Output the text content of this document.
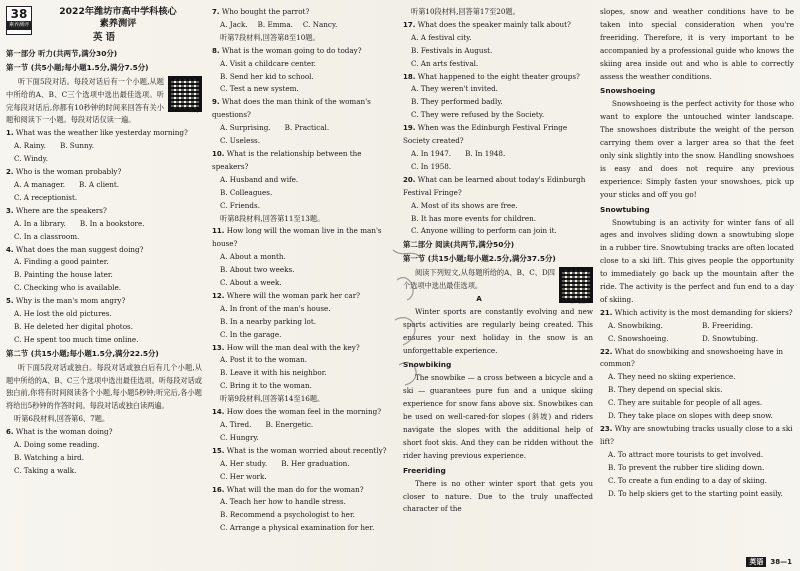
38
素养测评
2022年潍坊市高中学科核心
素养测评
英 语
第一部分 听力(共两节,满分30分)
第一节 (共5小题;每小题1.5分,满分7.5分)
听力

听下面5段对话。每段对话后有一个小题,从题中所给的A、B、C三个选项中选出最佳选项。听完每段对话后,你都有10秒钟的时间来回答有关小题和阅读下一小题。每段对话仅读一遍。

1. What was the weather like yesterday morning?

A. Rainy. B. Sunny.

C. Windy.

2. Who is the woman probably?

A. A manager. B. A client.

C. A receptionist.

3. Where are the speakers?

A. In a library. B. In a bookstore.

C. In a classroom.

4. What does the man suggest doing?

A. Finding a good painter.

B. Painting the house later.

C. Checking who is available.

5. Why is the man's mom angry?

A. He lost the old pictures.

B. He deleted her digital photos.

C. He spent too much time online.

第二节 (共15小题;每小题1.5分,满分22.5分)

听下面5段对话或独白。每段对话或独白后有几个小题,从题中所给的A、B、C三个选项中选出最佳选项。听每段对话或独白前,你将有时间阅读各个小题,每小题5秒钟;听完后,各小题将给出5秒钟的作答时间。每段对话或独白读两遍。

听第6段材料,回答第6、7题。

6. What is the woman doing?

A. Doing some reading.

B. Watching a bird.

C. Taking a walk.

7. Who bought the parrot?

A. Jack. B. Emma. C. Nancy.

听第7段材料,回答第8至10题。

8. What is the woman going to do today?

A. Visit a childcare center.

B. Send her kid to school.

C. Test a new system.

9. What does the man think of the woman's questions?

A. Surprising. B. Practical.

C. Useless.

10. What is the relationship between the speakers?

A. Husband and wife.

B. Colleagues.

C. Friends.

听第8段材料,回答第11至13题。

11. How long will the woman live in the man's house?

A. About a month.

B. About two weeks.

C. About a week.

12. Where will the woman park her car?

A. In front of the man's house.

B. In a nearby parking lot.

C. In the garage.

13. How will the man deal with the key?

A. Post it to the woman.

B. Leave it with his neighbor.

C. Bring it to the woman.

听第9段材料,回答第14至16题。

14. How does the woman feel in the morning?

A. Tired. B. Energetic.

C. Hungry.

15. What is the woman worried about recently?

A. Her study. B. Her graduation.

C. Her work.

16. What will the man do for the woman?

A. Teach her how to handle stress.

B. Recommend a psychologist to her.

C. Arrange a physical examination for her.

听第10段材料,回答第17至20题。

17. What does the speaker mainly talk about?

A. A festival city.

B. Festivals in August.

C. An arts festival.

18. What happened to the eight theater groups?

A. They weren't invited.

B. They performed badly.

C. They were refused by the Society.

19. When was the Edinburgh Festival Fringe Society created?

A. In 1947. B. In 1948.

C. In 1958.

20. What can be learned about today's Edinburgh Festival Fringe?

A. Most of its shows are free.

B. It has more events for children.

C. Anyone willing to perform can join it.

第二部分 阅读(共两节,满分50分)
第一节 (共15小题;每小题2.5分,满分37.5分)
全文翻译

阅读下列短文,从每题所给的A、B、C、D四个选项中选出最佳选项。

A

Winter sports are constantly evolving and new sports activities are regularly being created. This ensures your next holiday in the snow is an unforgettable experience.

Snowbiking

The snowbike — a cross between a bicycle and a ski — guarantees pure fun and a unique skiing experience for snow fans above six. Snowbikes can be used on well-cared-for slopes (斜坡) and riders navigate the slopes with the additional help of short foot skis. And they can be ridden without the rider having previous experience.

Freeriding

There is no other winter sport that gets you closer to nature. Due to the truly unaffected character of the

slopes, snow and weather conditions have to be taken into special consideration when you're freeriding. Therefore, it is very important to be accompanied by a professional guide who knows the skiing area inside out and who is able to correctly assess the weather conditions.

Snowshoeing

Snowshoeing is the perfect activity for those who want to explore the untouched winter landscape. The snowshoes distribute the weight of the person carrying them over a larger area so that the feet only sink slightly into the snow. Handling snowshoes is easy and does not require any previous experience: Simply fasten your snowshoes, pick up your sticks and off you go!

Snowtubing

Snowtubing is an activity for winter fans of all ages and involves sliding down a snowtubing slope in a rubber tire. Snowtubing tracks are often located close to a ski lift. This gives people the opportunity to immediately go back up the mountain after the ride. The activity is the perfect and fun end to a day of skiing.

21. Which activity is the most demanding for skiers?

A. Snowbiking.	B. Freeriding.
C. Snowshoeing.	D. Snowtubing.

22. What do snowbiking and snowshoeing have in common?

A. They need no skiing experience.

B. They depend on special skis.

C. They are suitable for people of all ages.

D. They take place on slopes with deep snow.

23. Why are snowtubing tracks usually close to a ski lift?

A. To attract more tourists to get involved.

B. To prevent the rubber tire sliding down.

C. To create a fun ending to a day of skiing.

D. To help skiers get to the starting point easily.

英语	38—1
